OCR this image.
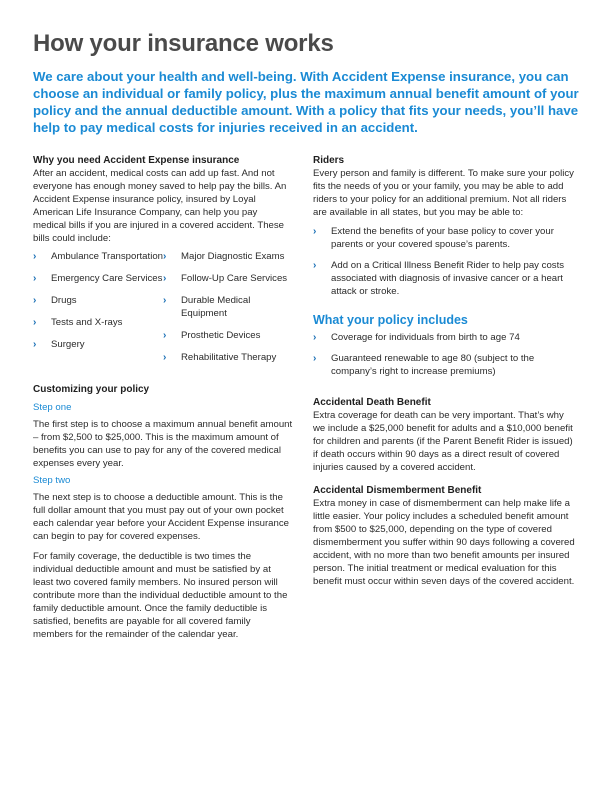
How your insurance works

We care about your health and well-being. With Accident Expense insurance, you can choose an individual or family policy, plus the maximum annual benefit amount of your policy and the annual deductible amount. With a policy that fits your needs, you’ll have help to pay medical costs for injuries received in an accident.

Why you need Accident Expense insurance

After an accident, medical costs can add up fast. And not everyone has enough money saved to help pay the bills. An Accident Expense insurance policy, insured by Loyal American Life Insurance Company, can help you pay medical bills if you are injured in a covered accident. These bills could include:

›	Ambulance Transportation
›	Emergency Care Services
›	Drugs
›	Tests and X-rays
›	Surgery
›	Major Diagnostic Exams
›	Follow-Up Care Services
›	Durable Medical Equipment
›	Prosthetic Devices
›	Rehabilitative Therapy
Customizing your policy
Step one

The first step is to choose a maximum annual benefit amount – from $2,500 to $25,000. This is the maximum amount of benefits you can use to pay for any of the covered medical expenses every year.

Step two

The next step is to choose a deductible amount. This is the full dollar amount that you must pay out of your own pocket each calendar year before your Accident Expense insurance can begin to pay for covered expenses.

For family coverage, the deductible is two times the individual deductible amount and must be satisfied by at least two covered family members. No insured person will contribute more than the individual deductible amount to the family deductible amount. Once the family deductible is satisfied, benefits are payable for all covered family members for the remainder of the calendar year.

Riders

Every person and family is different. To make sure your policy fits the needs of you or your family, you may be able to add riders to your policy for an additional premium. Not all riders are available in all states, but you may be able to:

›	Extend the benefits of your base policy to cover your parents or your covered spouse’s parents.
›	Add on a Critical Illness Benefit Rider to help pay costs associated with diagnosis of invasive cancer or a heart attack or stroke.
What your policy includes
›	Coverage for individuals from birth to age 74
›	Guaranteed renewable to age 80 (subject to the company’s right to increase premiums)
Accidental Death Benefit

Extra coverage for death can be very important. That’s why we include a $25,000 benefit for adults and a $10,000 benefit for children and parents (if the Parent Benefit Rider is issued) if death occurs within 90 days as a direct result of covered injuries caused by a covered accident.

Accidental Dismemberment Benefit

Extra money in case of dismemberment can help make life a little easier. Your policy includes a scheduled benefit amount from $500 to $25,000, depending on the type of covered dismemberment you suffer within 90 days following a covered accident, with no more than two benefit amounts per insured person. The initial treatment or medical evaluation for this benefit must occur within seven days of the covered accident.
